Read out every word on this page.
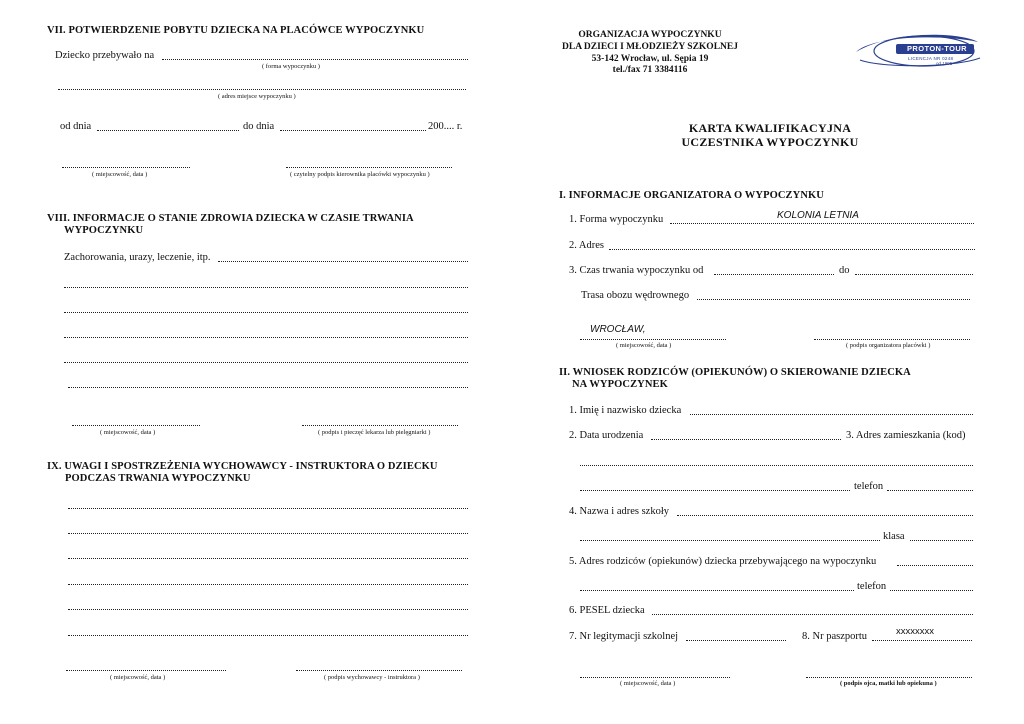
VII. POTWIERDZENIE POBYTU DZIECKA NA PLACÓWCE WYPOCZYNKU
Dziecko przebywało na
( forma wypoczynku )
( adres miejsce wypoczynku )
od dnia	do dnia	200.... r.
( miejscowość, data )	( czytelny podpis kierownika placówki wypoczynku )
VIII. INFORMACJE O STANIE ZDROWIA DZIECKA W CZASIE TRWANIA
WYPOCZYNKU
Zachorowania, urazy, leczenie, itp.
( miejscowość, data )	( podpis i pieczęć lekarza lub pielęgniarki )
IX. UWAGI I SPOSTRZEŻENIA WYCHOWAWCY - INSTRUKTORA O DZIECKU
PODCZAS TRWANIA WYPOCZYNKU
( miejscowość, data )	( podpis wychowawcy - instruktora )
ORGANIZACJA WYPOCZYNKU
DLA DZIECI I MŁODZIEŻY SZKOLNEJ
53-142 Wrocław, ul. Sępia 19
tel./fax 71 3384116
PROTON-TOUR
LICENCJA NR 0248
od 1995
KARTA KWALIFIKACYJNA
UCZESTNIKA WYPOCZYNKU
I. INFORMACJE ORGANIZATORA O WYPOCZYNKU
1. Forma wypoczynku	KOLONIA LETNIA
2. Adres
3. Czas trwania wypoczynku od	do
Trasa obozu wędrownego
WROCŁAW,
( miejscowość, data )	( podpis organizatora placówki )
II. WNIOSEK RODZICÓW (OPIEKUNÓW) O SKIEROWANIE DZIECKA
NA WYPOCZYNEK
1. Imię i nazwisko dziecka
2. Data urodzenia	3. Adres zamieszkania (kod)
telefon
4. Nazwa i adres szkoły
klasa
5. Adres rodziców (opiekunów) dziecka przebywającego na wypoczynku
telefon
6. PESEL dziecka
7. Nr legitymacji szkolnej	8. Nr paszportu	xxxxxxxx
( miejscowość, data )	( podpis ojca, matki lub opiekuna )
